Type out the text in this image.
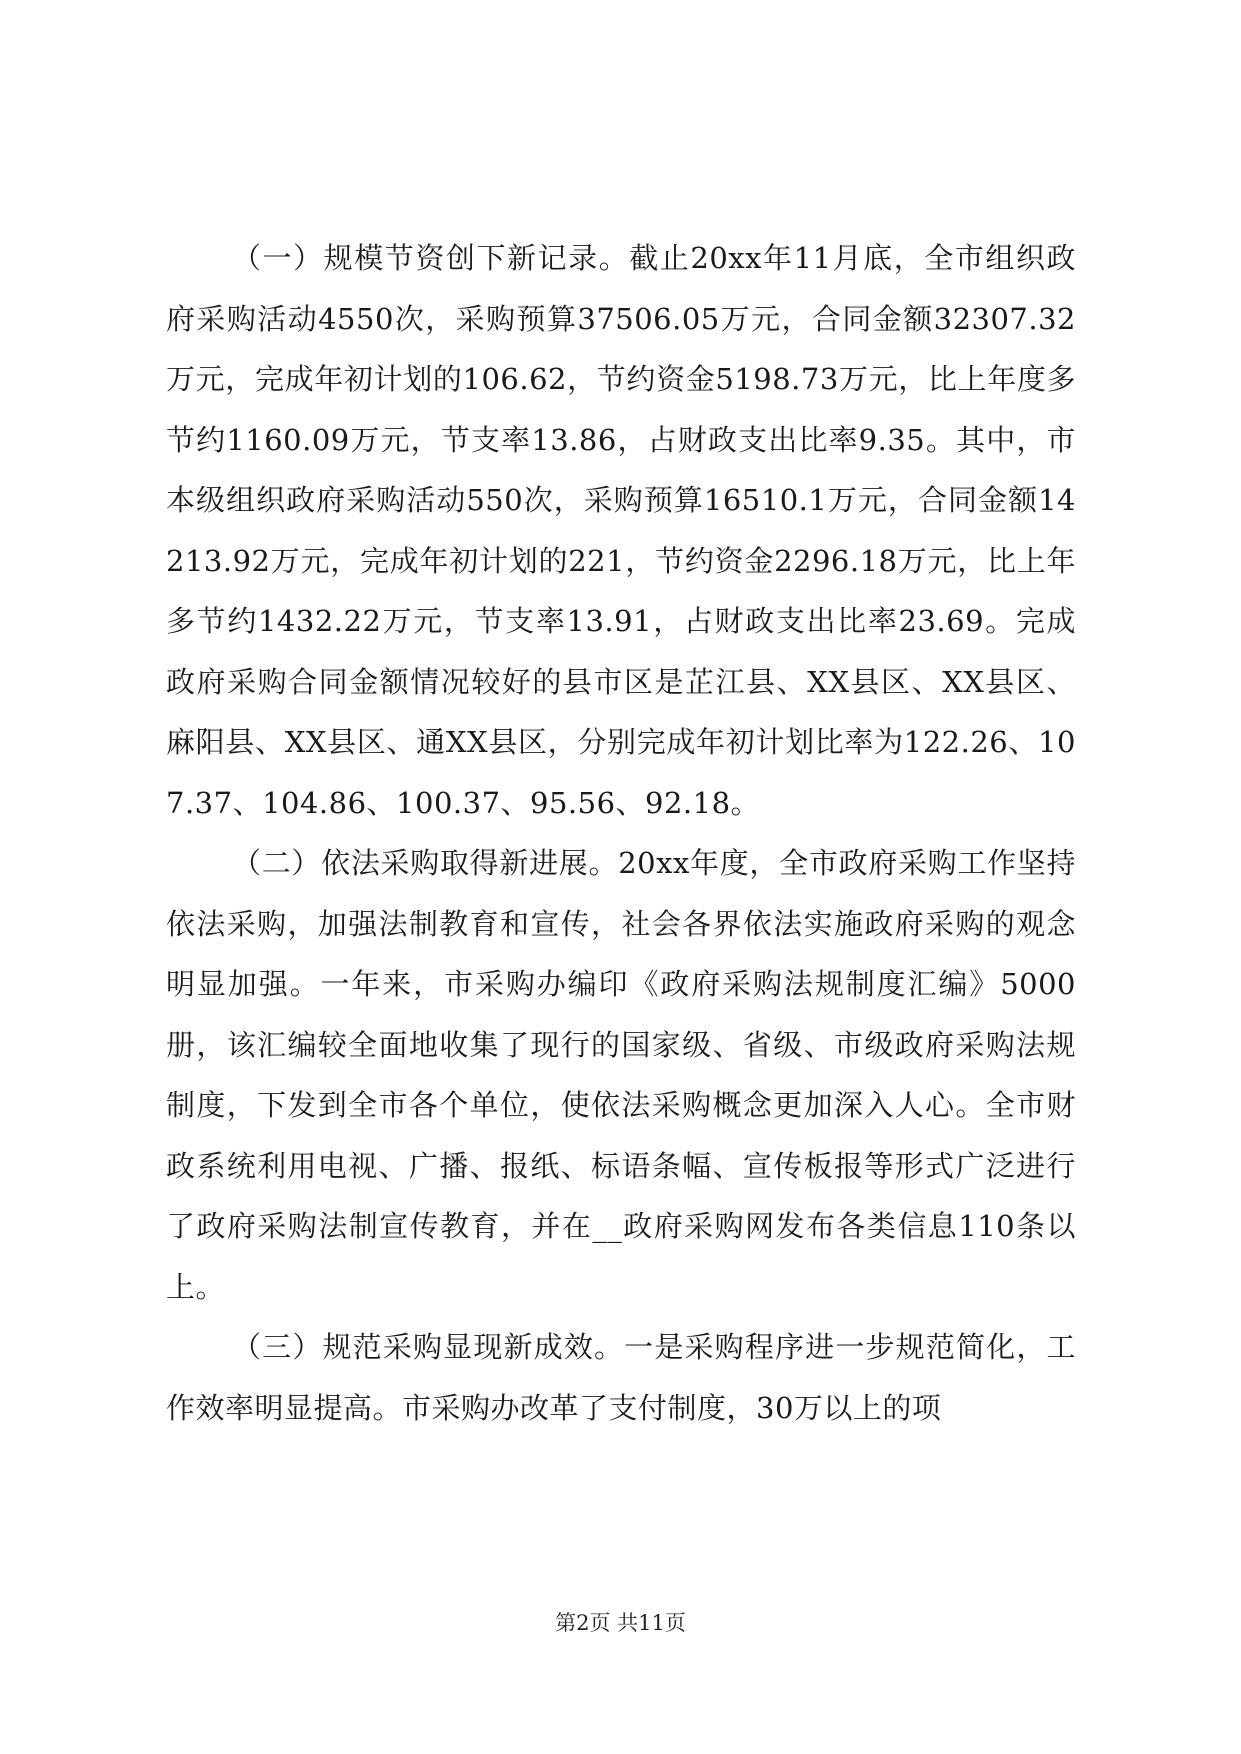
（一）规模节资创下新记录。截止20xx年11月底，全市组织政府采购活动4550次，采购预算37506.05万元，合同金额32307.32万元，完成年初计划的106.62，节约资金5198.73万元，比上年度多节约1160.09万元，节支率13.86，占财政支出比率9.35。其中，市本级组织政府采购活动550次，采购预算16510.1万元，合同金额14213.92万元，完成年初计划的221，节约资金2296.18万元，比上年多节约1432.22万元，节支率13.91，占财政支出比率23.69。完成政府采购合同金额情况较好的县市区是芷江县、XX县区、XX县区、麻阳县、XX县区、通XX县区，分别完成年初计划比率为122.26、107.37、104.86、100.37、95.56、92.18。

（二）依法采购取得新进展。20xx年度，全市政府采购工作坚持依法采购，加强法制教育和宣传，社会各界依法实施政府采购的观念明显加强。一年来，市采购办编印《政府采购法规制度汇编》5000册，该汇编较全面地收集了现行的国家级、省级、市级政府采购法规制度，下发到全市各个单位，使依法采购概念更加深入人心。全市财政系统利用电视、广播、报纸、标语条幅、宣传板报等形式广泛进行了政府采购法制宣传教育，并在__政府采购网发布各类信息110条以上。

（三）规范采购显现新成效。一是采购程序进一步规范简化，工作效率明显提高。市采购办改革了支付制度，30万以上的项

第2页 共11页
